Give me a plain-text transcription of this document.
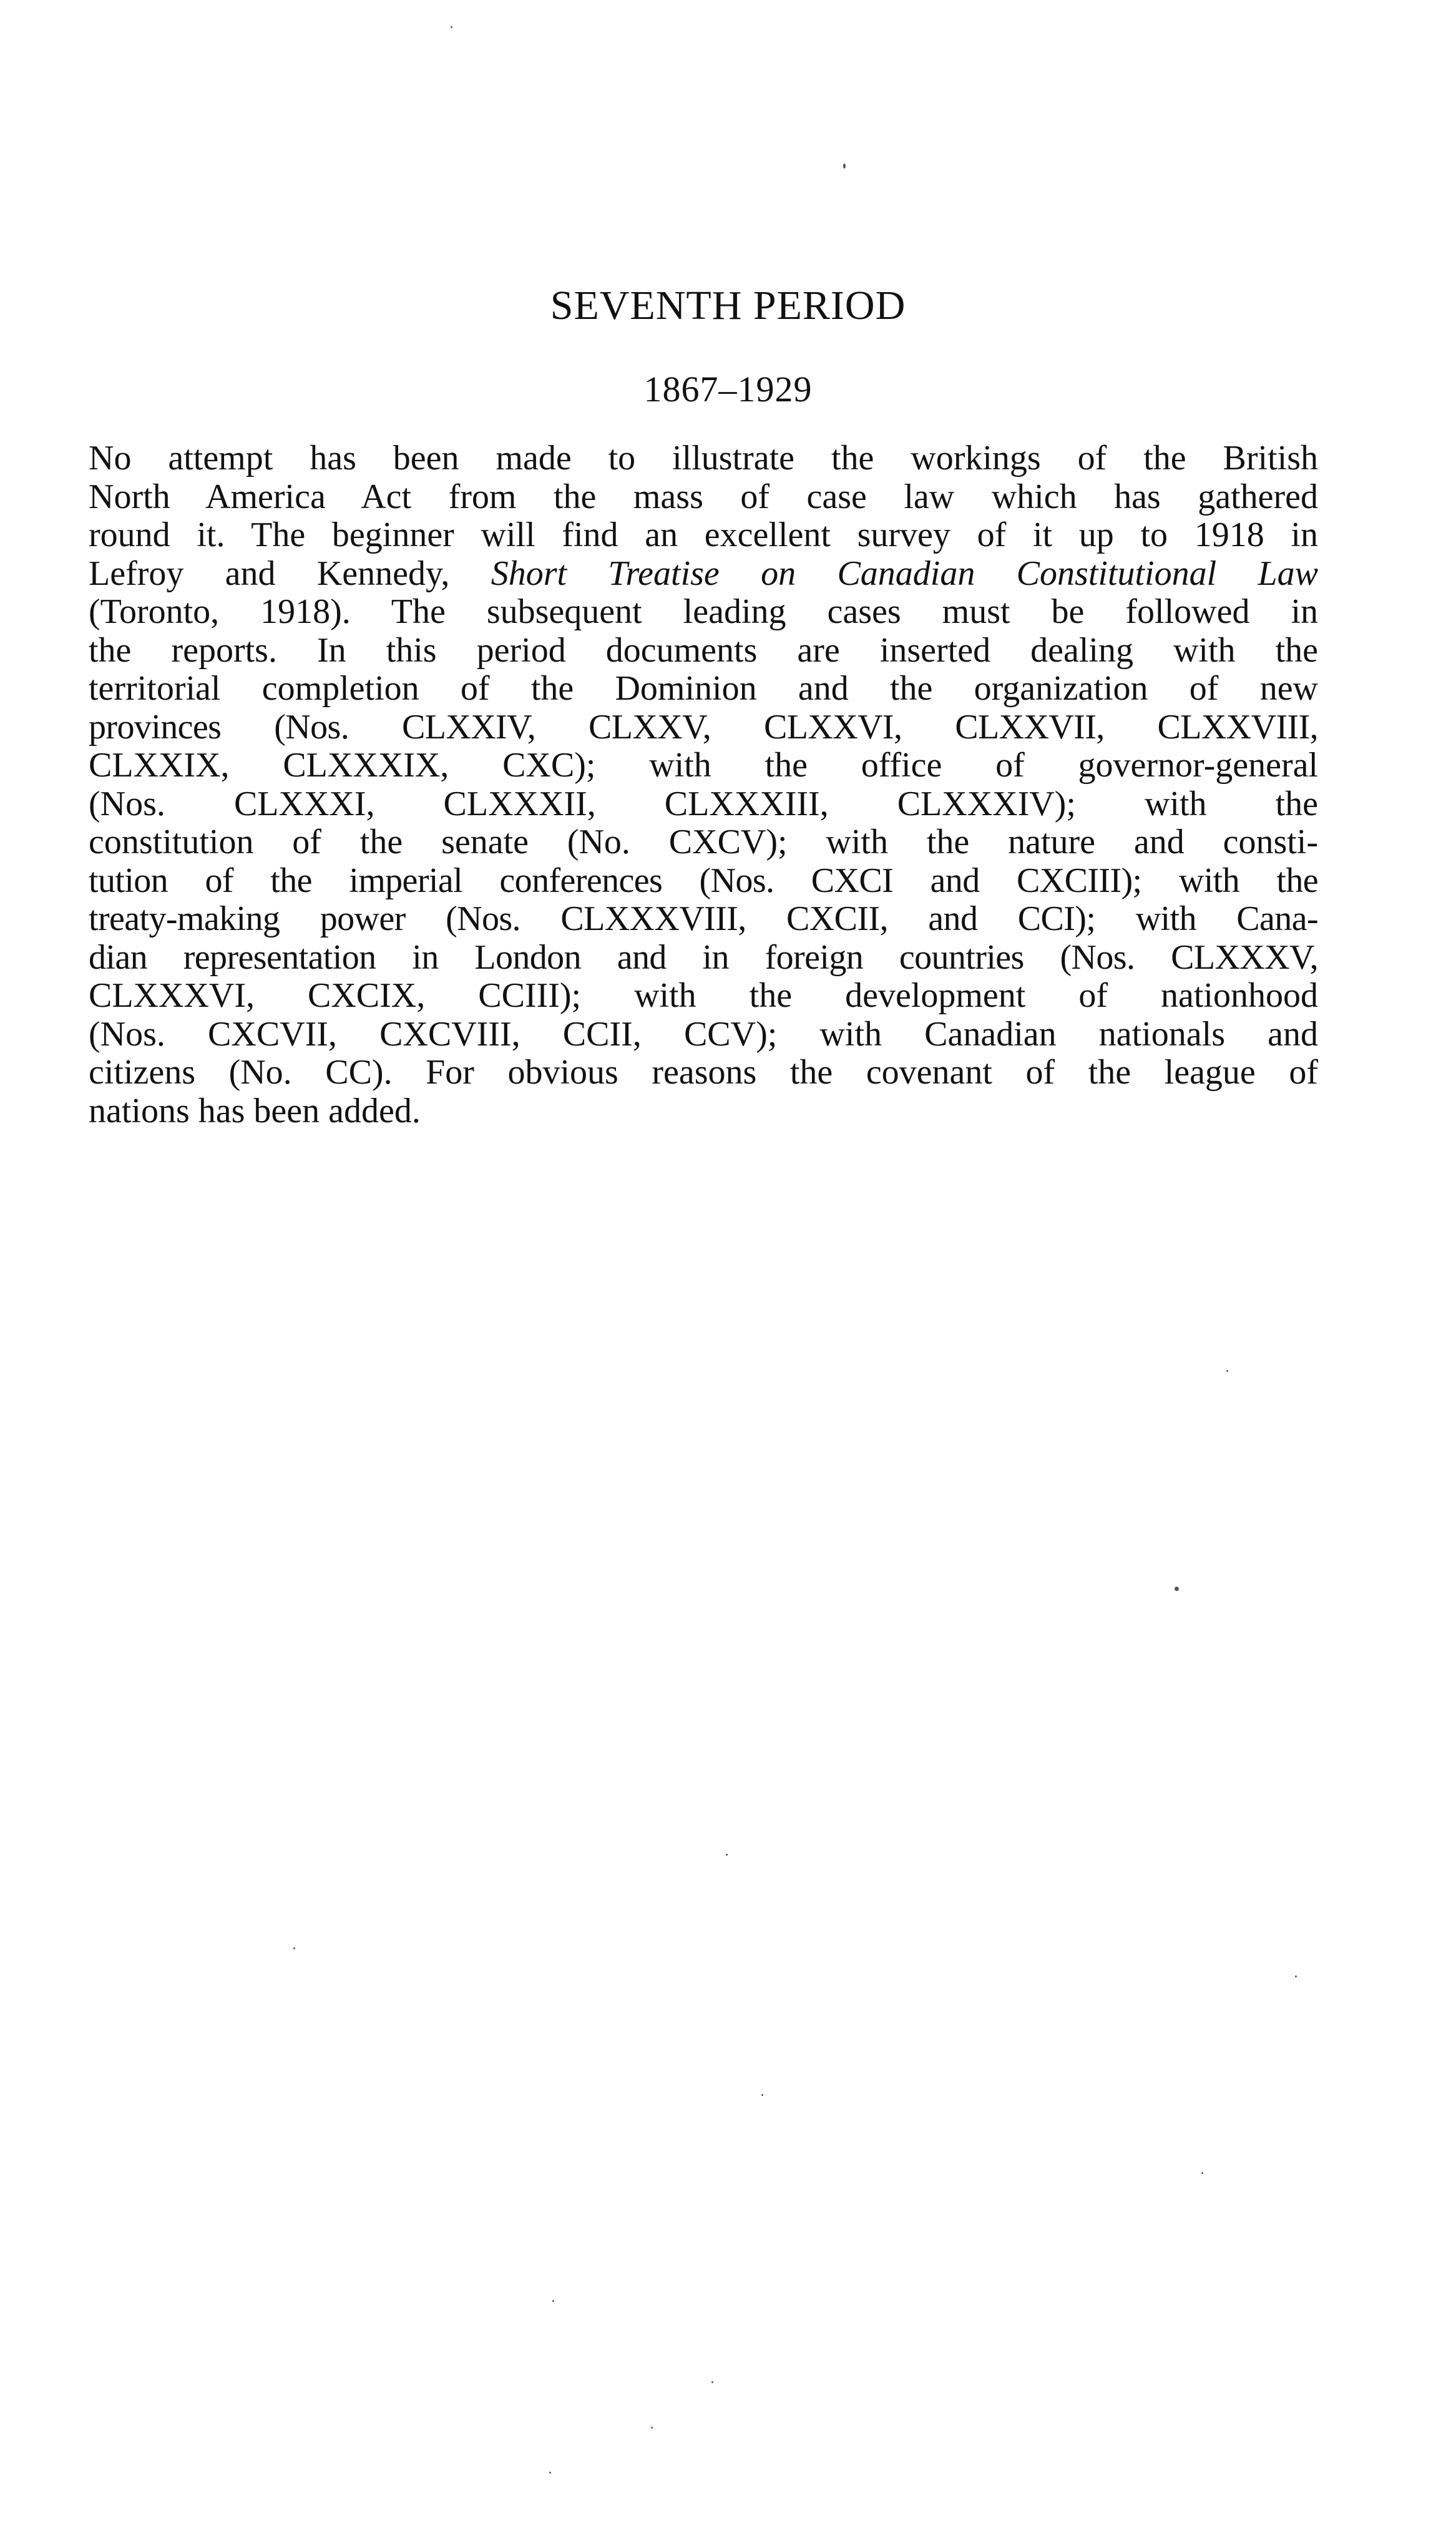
SEVENTH PERIOD
1867–1929

No attempt has been made to illustrate the workings of the British
North America Act from the mass of case law which has gathered
round it. The beginner will find an excellent survey of it up to 1918 in
Lefroy and Kennedy, Short Treatise on Canadian Constitutional Law
(Toronto, 1918). The subsequent leading cases must be followed in
the reports. In this period documents are inserted dealing with the
territorial completion of the Dominion and the organization of new
provinces (Nos. CLXXIV, CLXXV, CLXXVI, CLXXVII, CLXXVIII,
CLXXIX, CLXXXIX, CXC); with the office of governor-general
(Nos. CLXXXI, CLXXXII, CLXXXIII, CLXXXIV); with the
constitution of the senate (No. CXCV); with the nature and consti-
tution of the imperial conferences (Nos. CXCI and CXCIII); with the
treaty-making power (Nos. CLXXXVIII, CXCII, and CCI); with Cana-
dian representation in London and in foreign countries (Nos. CLXXXV,
CLXXXVI, CXCIX, CCIII); with the development of nationhood
(Nos. CXCVII, CXCVIII, CCII, CCV); with Canadian nationals and
citizens (No. CC). For obvious reasons the covenant of the league of
nations has been added.
